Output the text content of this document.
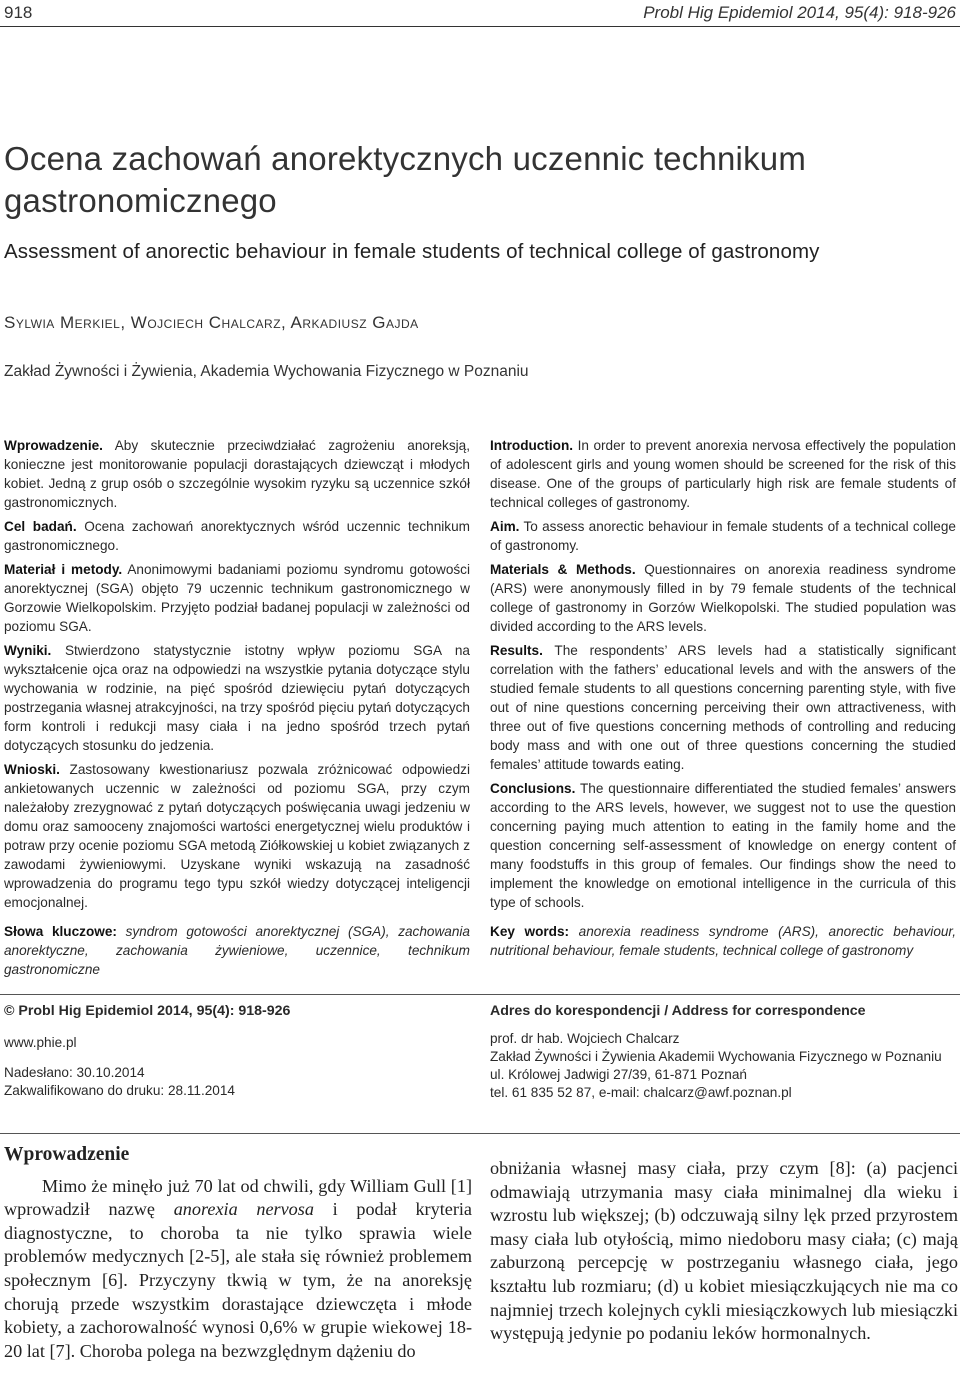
918	Probl Hig Epidemiol 2014, 95(4): 918-926
Ocena zachowań anorektycznych uczennic technikum gastronomicznego
Assessment of anorectic behaviour in female students of technical college of gastronomy
Sylwia Merkiel, Wojciech Chalcarz, Arkadiusz Gajda
Zakład Żywności i Żywienia, Akademia Wychowania Fizycznego w Poznaniu

Wprowadzenie. Aby skutecznie przeciwdziałać zagrożeniu anoreksją, konieczne jest monitorowanie populacji dorastających dziewcząt i młodych kobiet. Jedną z grup osób o szczególnie wysokim ryzyku są uczennice szkół gastronomicznych.

Cel badań. Ocena zachowań anorektycznych wśród uczennic technikum gastronomicznego.

Materiał i metody. Anonimowymi badaniami poziomu syndromu gotowości anorektycznej (SGA) objęto 79 uczennic technikum gastronomicznego w Gorzowie Wielkopolskim. Przyjęto podział badanej populacji w zależności od poziomu SGA.

Wyniki. Stwierdzono statystycznie istotny wpływ poziomu SGA na wykształcenie ojca oraz na odpowiedzi na wszystkie pytania dotyczące stylu wychowania w rodzinie, na pięć spośród dziewięciu pytań dotyczących postrzegania własnej atrakcyjności, na trzy spośród pięciu pytań dotyczących form kontroli i redukcji masy ciała i na jedno spośród trzech pytań dotyczących stosunku do jedzenia.

Wnioski. Zastosowany kwestionariusz pozwala zróżnicować odpowiedzi ankietowanych uczennic w zależności od poziomu SGA, przy czym należałoby zrezygnować z pytań dotyczących poświęcania uwagi jedzeniu w domu oraz samooceny znajomości wartości energetycznej wielu produktów i potraw przy ocenie poziomu SGA metodą Ziółkowskiej u kobiet związanych z zawodami żywieniowymi. Uzyskane wyniki wskazują na zasadność wprowadzenia do programu tego typu szkół wiedzy dotyczącej inteligencji emocjonalnej.

Słowa kluczowe: syndrom gotowości anorektycznej (SGA), zachowania anorektyczne, zachowania żywieniowe, uczennice, technikum gastronomiczne

Introduction. In order to prevent anorexia nervosa effectively the population of adolescent girls and young women should be screened for the risk of this disease. One of the groups of particularly high risk are female students of technical colleges of gastronomy.

Aim. To assess anorectic behaviour in female students of a technical college of gastronomy.

Materials & Methods. Questionnaires on anorexia readiness syndrome (ARS) were anonymously filled in by 79 female students of the technical college of gastronomy in Gorzów Wielkopolski. The studied population was divided according to the ARS levels.

Results. The respondents’ ARS levels had a statistically significant correlation with the fathers’ educational levels and with the answers of the studied female students to all questions concerning parenting style, with five out of nine questions concerning perceiving their own attractiveness, with three out of five questions concerning methods of controlling and reducing body mass and with one out of three questions concerning the studied females’ attitude towards eating.

Conclusions. The questionnaire differentiated the studied females’ answers according to the ARS levels, however, we suggest not to use the question concerning paying much attention to eating in the family home and the question concerning self-assessment of knowledge on energy content of many foodstuffs in this group of females. Our findings show the need to implement the knowledge on emotional intelligence in the curricula of this type of schools.

Key words: anorexia readiness syndrome (ARS), anorectic behaviour, nutritional behaviour, female students, technical college of gastronomy

© Probl Hig Epidemiol 2014, 95(4): 918-926
www.phie.pl
Nadesłano: 30.10.2014
Zakwalifikowano do druku: 28.11.2014
Adres do korespondencji / Address for correspondence
prof. dr hab. Wojciech Chalcarz
Zakład Żywności i Żywienia Akademii Wychowania Fizycznego w Poznaniu
ul. Królowej Jadwigi 27/39, 61-871 Poznań
tel. 61 835 52 87, e-mail: chalcarz@awf.poznan.pl
Wprowadzenie
Mimo że minęło już 70 lat od chwili, gdy William Gull [1] wprowadził nazwę anorexia nervosa i podał kryteria diagnostyczne, to choroba ta nie tylko sprawia wiele problemów medycznych [2-5], ale stała się również problemem społecznym [6]. Przyczyny tkwią w tym, że na anoreksję chorują przede wszystkim dorastające dziewczęta i młode kobiety, a zachorowalność wynosi 0,6% w grupie wiekowej 18-20 lat [7]. Choroba polega na bezwzględnym dążeniu do
obniżania własnej masy ciała, przy czym [8]: (a) pacjenci odmawiają utrzymania masy ciała minimalnej dla wieku i wzrostu lub większej; (b) odczuwają silny lęk przed przyrostem masy ciała lub otyłością, mimo niedoboru masy ciała; (c) mają zaburzoną percepcję w postrzeganiu własnego ciała, jego kształtu lub rozmiaru; (d) u kobiet miesiączkujących nie ma co najmniej trzech kolejnych cykli miesiączkowych lub miesiączki występują jedynie po podaniu leków hormonalnych.
